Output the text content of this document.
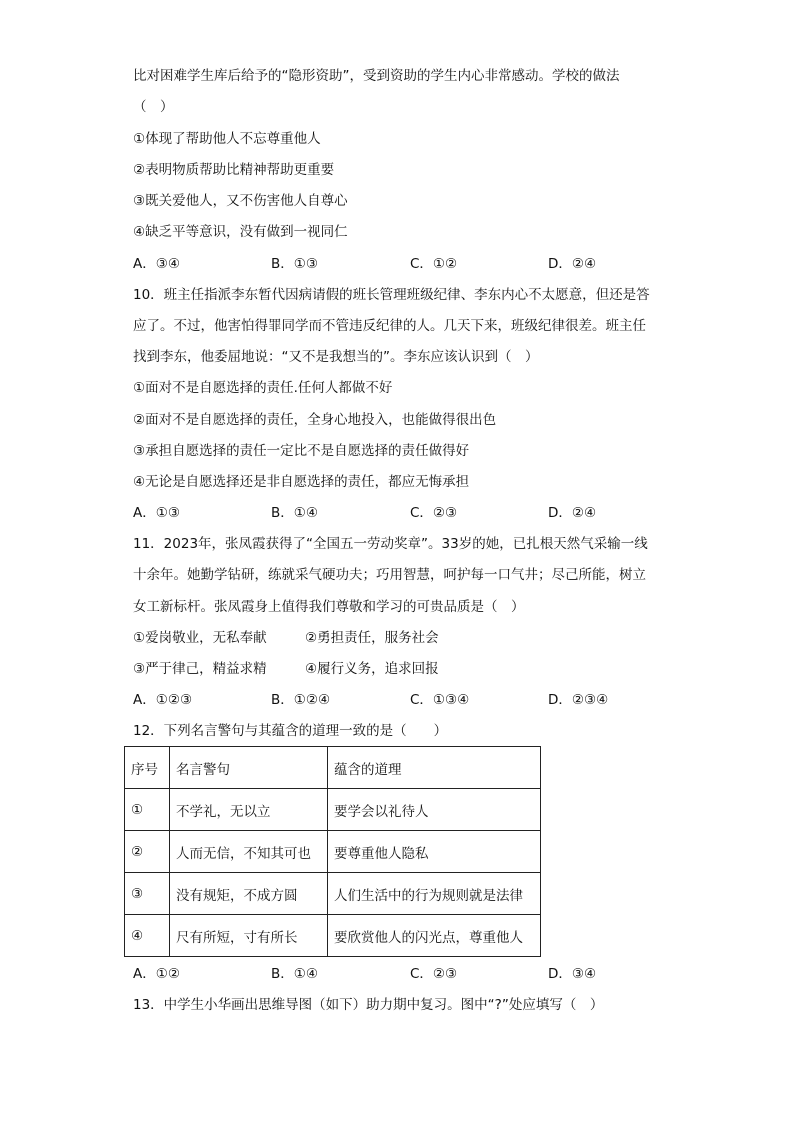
比对困难学生库后给予的“隐形资助”，受到资助的学生内心非常感动。学校的做法
（　）
①体现了帮助他人不忘尊重他人
②表明物质帮助比精神帮助更重要
③既关爱他人，又不伤害他人自尊心
④缺乏平等意识，没有做到一视同仁
A．③④	B．①③	C．①②	D．②④
10．班主任指派李东暂代因病请假的班长管理班级纪律、李东内心不太愿意，但还是答
应了。不过，他害怕得罪同学而不管违反纪律的人。几天下来，班级纪律很差。班主任
找到李东，他委屈地说：“又不是我想当的”。李东应该认识到（　）
①面对不是自愿选择的责任.任何人都做不好
②面对不是自愿选择的责任，全身心地投入，也能做得很出色
③承担自愿选择的责任一定比不是自愿选择的责任做得好
④无论是自愿选择还是非自愿选择的责任，都应无悔承担
A．①③	B．①④	C．②③	D．②④
11．2023年，张凤霞获得了“全国五一劳动奖章”。33岁的她，已扎根天然气采输一线
十余年。她勤学钻研，练就采气硬功夫；巧用智慧，呵护每一口气井；尽己所能，树立
女工新标杆。张凤霞身上值得我们尊敬和学习的可贵品质是（　）
①爱岗敬业，无私奉献	②勇担责任，服务社会
③严于律己，精益求精	④履行义务，追求回报
A．①②③	B．①②④	C．①③④	D．②③④
12．下列名言警句与其蕴含的道理一致的是（　　）
序号	名言警句	蕴含的道理
①	不学礼，无以立	要学会以礼待人
②	人而无信，不知其可也	要尊重他人隐私
③	没有规矩，不成方圆	人们生活中的行为规则就是法律
④	尺有所短，寸有所长	要欣赏他人的闪光点，尊重他人
A．①②	B．①④	C．②③	D．③④
13．中学生小华画出思维导图（如下）助力期中复习。图中“?”处应填写（　）
